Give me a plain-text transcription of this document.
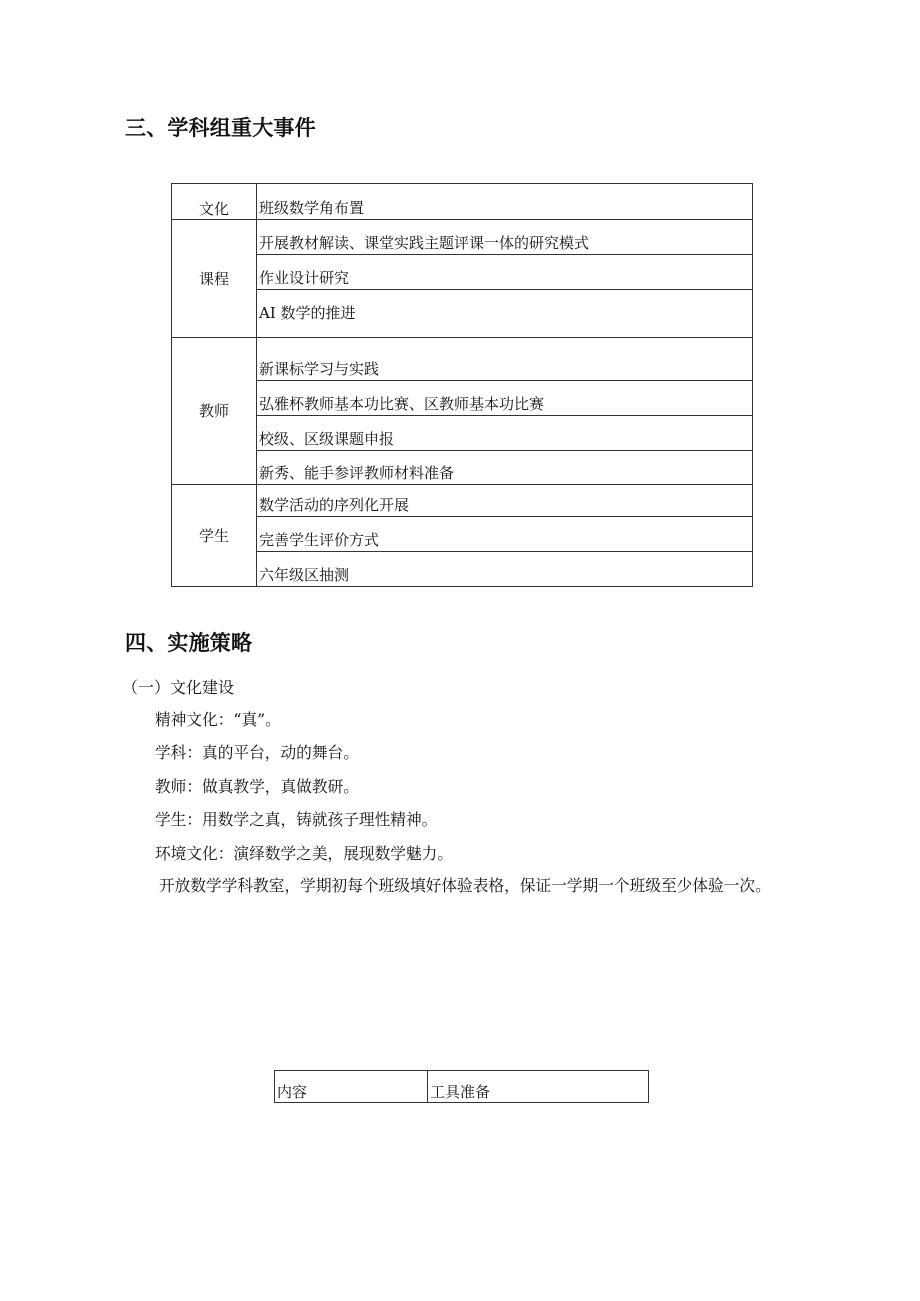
三、学科组重大事件
文化	班级数学角布置
课程	开展教材解读、课堂实践主题评课一体的研究模式
	作业设计研究
	AI 数学的推进
教师	新课标学习与实践
	弘雅杯教师基本功比赛、区教师基本功比赛
	校级、区级课题申报
	新秀、能手参评教师材料准备
学生	数学活动的序列化开展
	完善学生评价方式
	六年级区抽测
四、实施策略
（一）文化建设
精神文化：“真”。
学科：真的平台，动的舞台。
教师：做真教学，真做教研。
学生：用数学之真，铸就孩子理性精神。
环境文化：演绎数学之美，展现数学魅力。
开放数学学科教室，学期初每个班级填好体验表格，保证一学期一个班级至少体验一次。
内容	工具准备
